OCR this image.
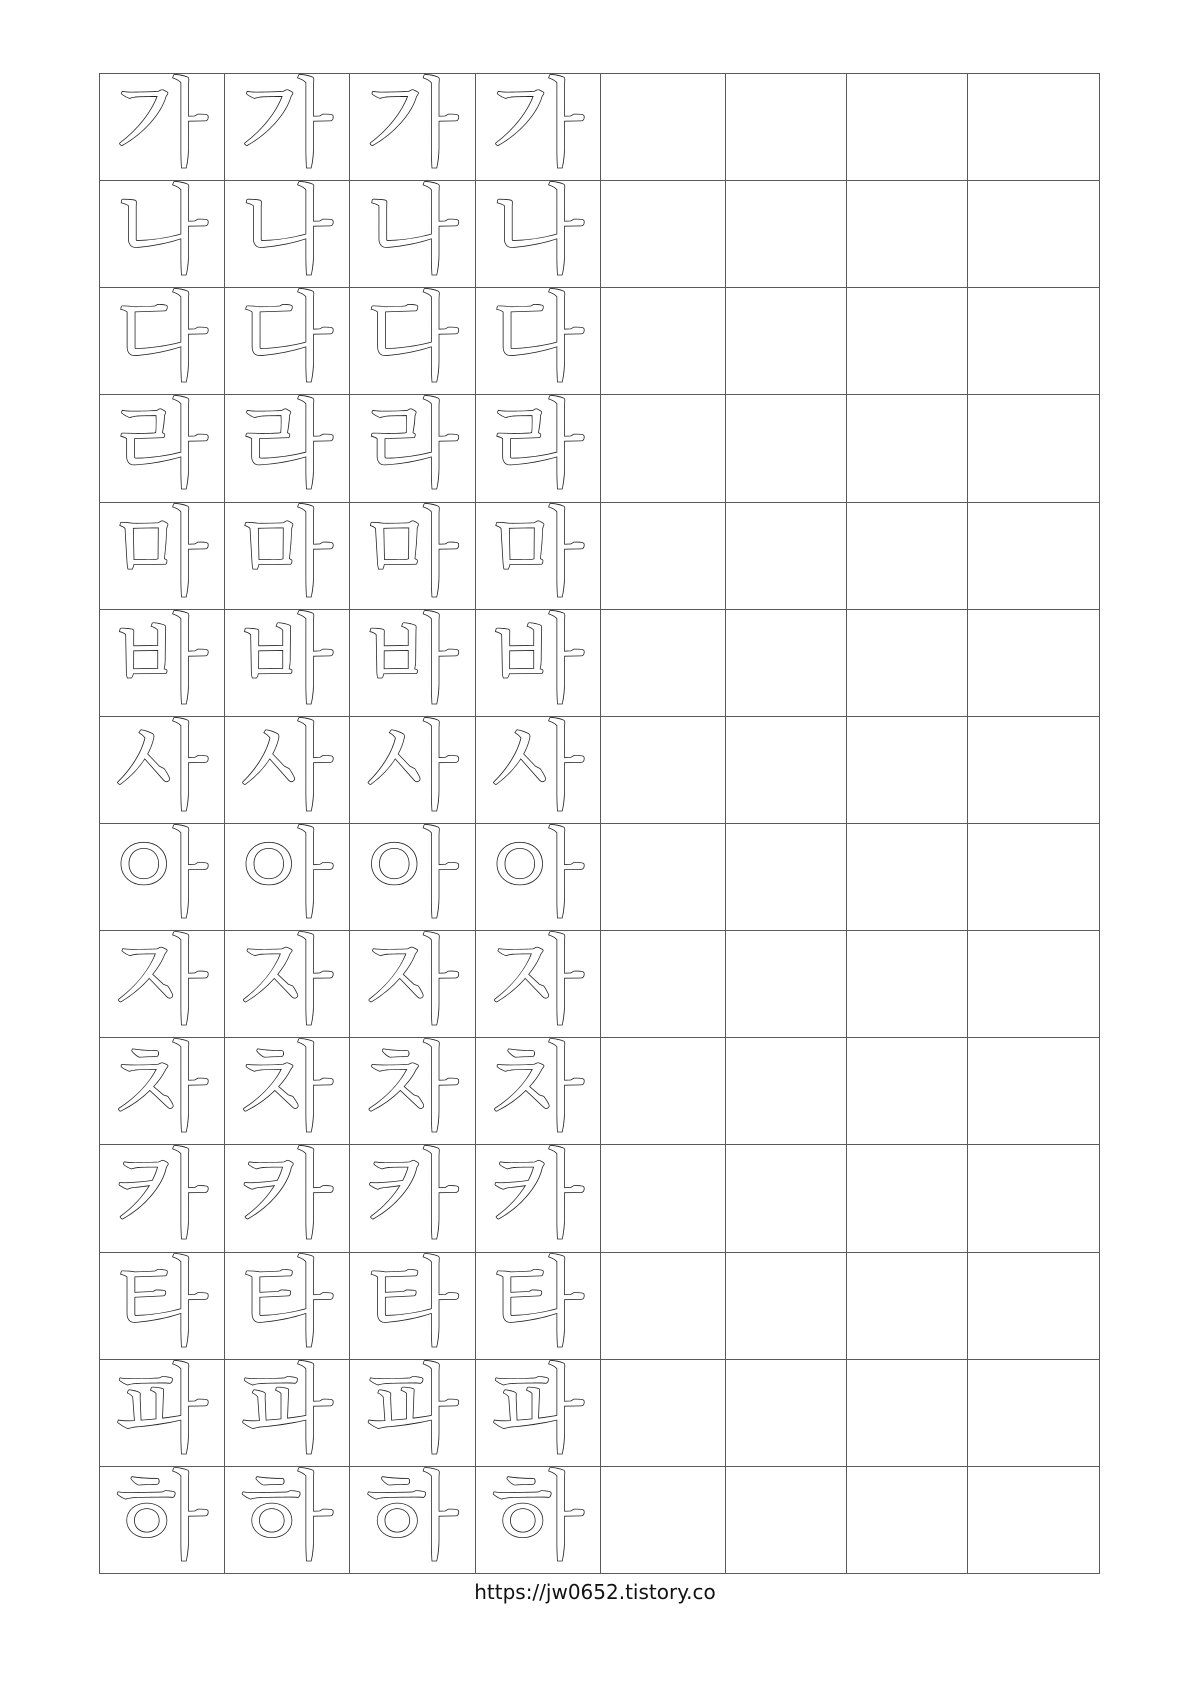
가	가	가	가				
나	나	나	나				
다	다	다	다				
라	라	라	라				
마	마	마	마				
바	바	바	바				
사	사	사	사				
아	아	아	아				
자	자	자	자				
차	차	차	차				
카	카	카	카				
타	타	타	타				
파	파	파	파				
하	하	하	하				
https://jw0652.tistory.co
